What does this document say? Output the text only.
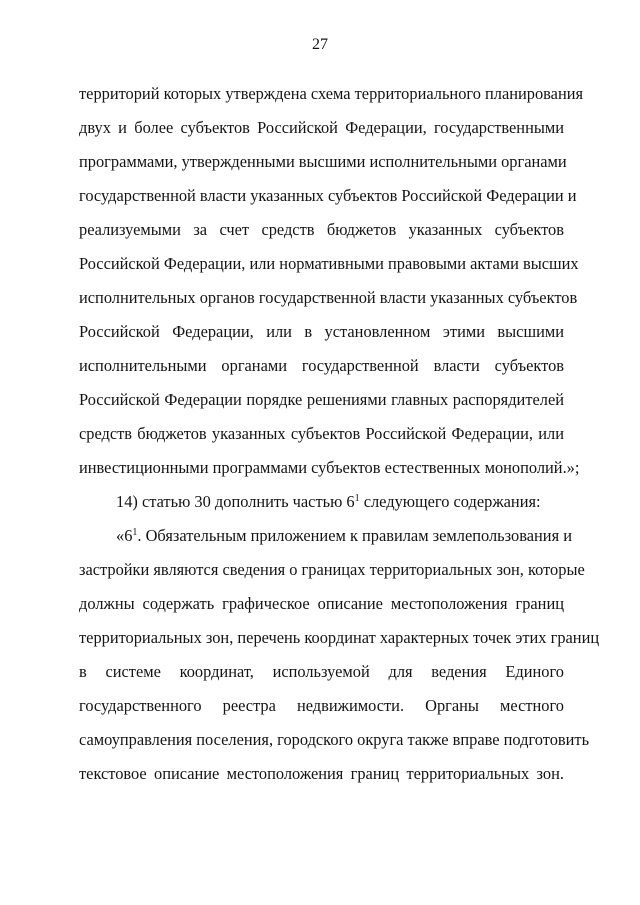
27
территорий которых утверждена схема территориального планирования
двух и более субъектов Российской Федерации, государственными
программами, утвержденными высшими исполнительными органами
государственной власти указанных субъектов Российской Федерации и
реализуемыми за счет средств бюджетов указанных субъектов
Российской Федерации, или нормативными правовыми актами высших
исполнительных органов государственной власти указанных субъектов
Российской Федерации, или в установленном этими высшими
исполнительными органами государственной власти субъектов
Российской Федерации порядке решениями главных распорядителей
средств бюджетов указанных субъектов Российской Федерации, или
инвестиционными программами субъектов естественных монополий.»;
14) статью 30 дополнить частью $6^1$ следующего содержания:
«$6^1$. Обязательным приложением к правилам землепользования и
застройки являются сведения о границах территориальных зон, которые
должны содержать графическое описание местоположения границ
территориальных зон, перечень координат характерных точек этих границ
в системе координат, используемой для ведения Единого
государственного реестра недвижимости. Органы местного
самоуправления поселения, городского округа также вправе подготовить
текстовое описание местоположения границ территориальных зон.
